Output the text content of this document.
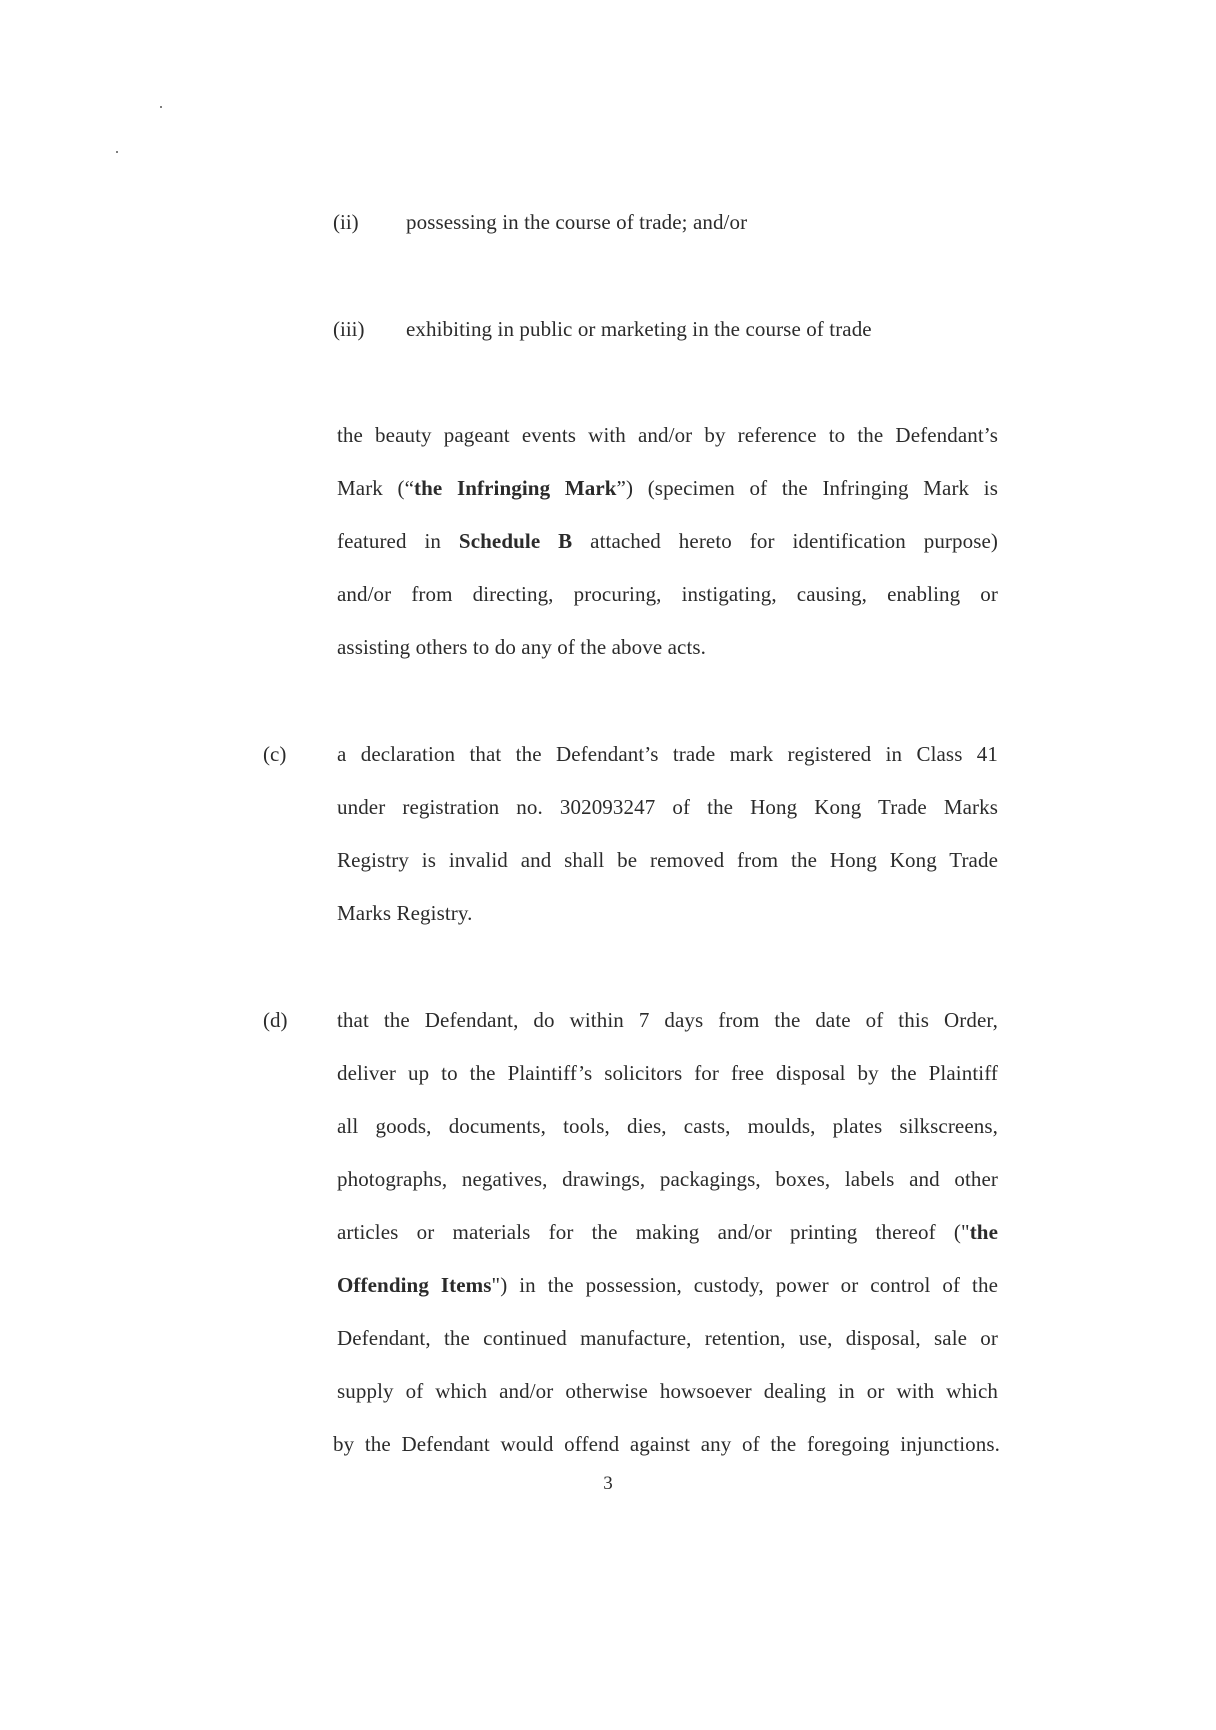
(ii) possessing in the course of trade; and/or
(iii) exhibiting in public or marketing in the course of trade
the beauty pageant events with and/or by reference to the Defendant’s
Mark (“the Infringing Mark”) (specimen of the Infringing Mark is
featured in Schedule B attached hereto for identification purpose)
and/or from directing, procuring, instigating, causing, enabling or
assisting others to do any of the above acts.
(c) a declaration that the Defendant’s trade mark registered in Class 41
under registration no. 302093247 of the Hong Kong Trade Marks
Registry is invalid and shall be removed from the Hong Kong Trade
Marks Registry.
(d) that the Defendant, do within 7 days from the date of this Order,
deliver up to the Plaintiff’s solicitors for free disposal by the Plaintiff
all goods, documents, tools, dies, casts, moulds, plates silkscreens,
photographs, negatives, drawings, packagings, boxes, labels and other
articles or materials for the making and/or printing thereof ("the
Offending Items") in the possession, custody, power or control of the
Defendant, the continued manufacture, retention, use, disposal, sale or
supply of which and/or otherwise howsoever dealing in or with which
by the Defendant would offend against any of the foregoing injunctions.
3
